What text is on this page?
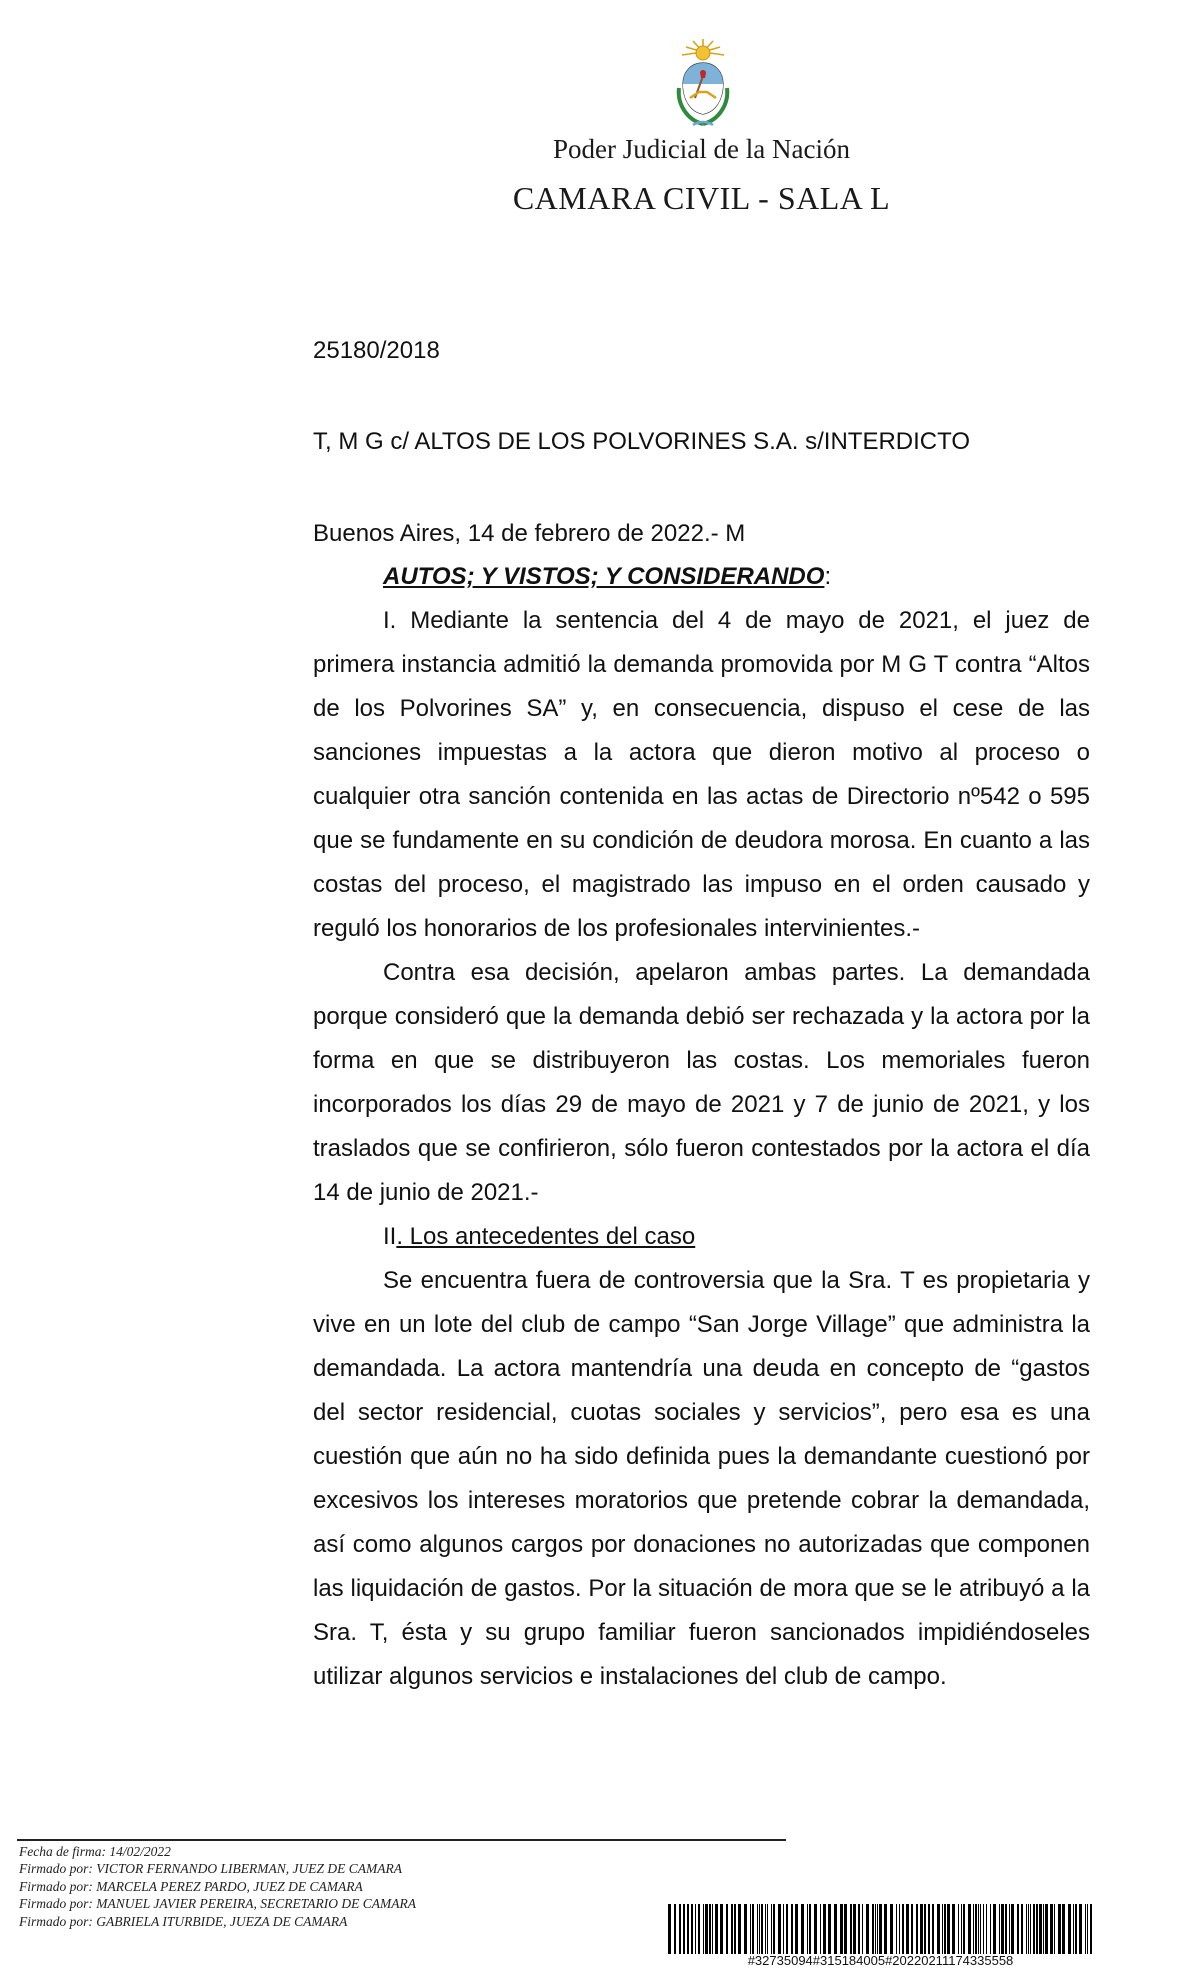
Poder Judicial de la Nación
CAMARA CIVIL - SALA L
25180/2018
T, M G c/ ALTOS DE LOS POLVORINES S.A. s/INTERDICTO
Buenos Aires, 14 de febrero de 2022.- M
AUTOS; Y VISTOS; Y CONSIDERANDO:

I. Mediante la sentencia del 4 de mayo de 2021, el juez de primera instancia admitió la demanda promovida por M G T contra “Altos de los Polvorines SA” y, en consecuencia, dispuso el cese de las sanciones impuestas a la actora que dieron motivo al proceso o cualquier otra sanción contenida en las actas de Directorio nº542 o 595 que se fundamente en su condición de deudora morosa. En cuanto a las costas del proceso, el magistrado las impuso en el orden causado y reguló los honorarios de los profesionales intervinientes.-

Contra esa decisión, apelaron ambas partes. La demandada porque consideró que la demanda debió ser rechazada y la actora por la forma en que se distribuyeron las costas. Los memoriales fueron incorporados los días 29 de mayo de 2021 y 7 de junio de 2021, y los traslados que se confirieron, sólo fueron contestados por la actora el día 14 de junio de 2021.-

II. Los antecedentes del caso

Se encuentra fuera de controversia que la Sra. T es propietaria y vive en un lote del club de campo “San Jorge Village” que administra la demandada. La actora mantendría una deuda en concepto de “gastos del sector residencial, cuotas sociales y servicios”, pero esa es una cuestión que aún no ha sido definida pues la demandante cuestionó por excesivos los intereses moratorios que pretende cobrar la demandada, así como algunos cargos por donaciones no autorizadas que componen las liquidación de gastos. Por la situación de mora que se le atribuyó a la Sra. T, ésta y su grupo familiar fueron sancionados impidiéndoseles utilizar algunos servicios e instalaciones del club de campo.

Fecha de firma: 14/02/2022
Firmado por: VICTOR FERNANDO LIBERMAN, JUEZ DE CAMARA
Firmado por: MARCELA PEREZ PARDO, JUEZ DE CAMARA
Firmado por: MANUEL JAVIER PEREIRA, SECRETARIO DE CAMARA
Firmado por: GABRIELA ITURBIDE, JUEZA DE CAMARA
#32735094#315184005#20220211174335558
